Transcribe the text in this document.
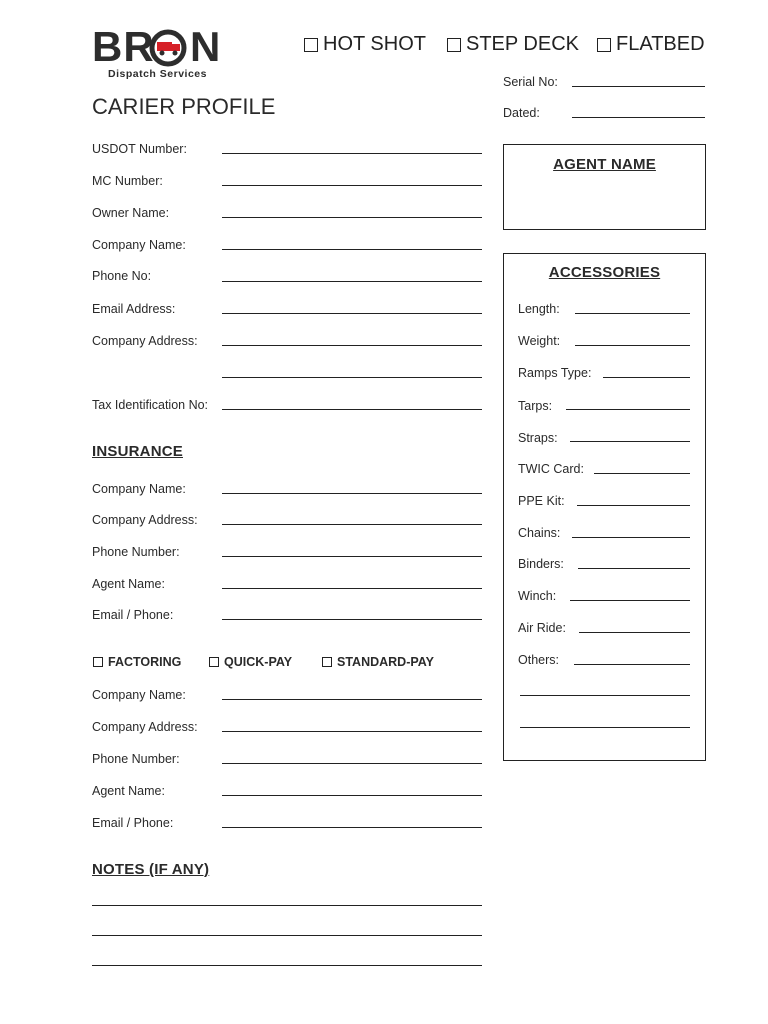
BR N
Dispatch Services
HOT SHOT STEP DECK FLATBED
CARIER PROFILE
Serial No:
Dated:
USDOT Number:
MC Number:
Owner Name:
Company Name:
Phone No:
Email Address:
Company Address:
Tax Identification No:
INSURANCE
Company Name:
Company Address:
Phone Number:
Agent Name:
Email / Phone:
FACTORING	QUICK-PAY	STANDARD-PAY
Company Name:
Company Address:
Phone Number:
Agent Name:
Email / Phone:
NOTES (IF ANY)
AGENT NAME
ACCESSORIES
Length:
Weight:
Ramps Type:
Tarps:
Straps:
TWIC Card:
PPE Kit:
Chains:
Binders:
Winch:
Air Ride:
Others:
